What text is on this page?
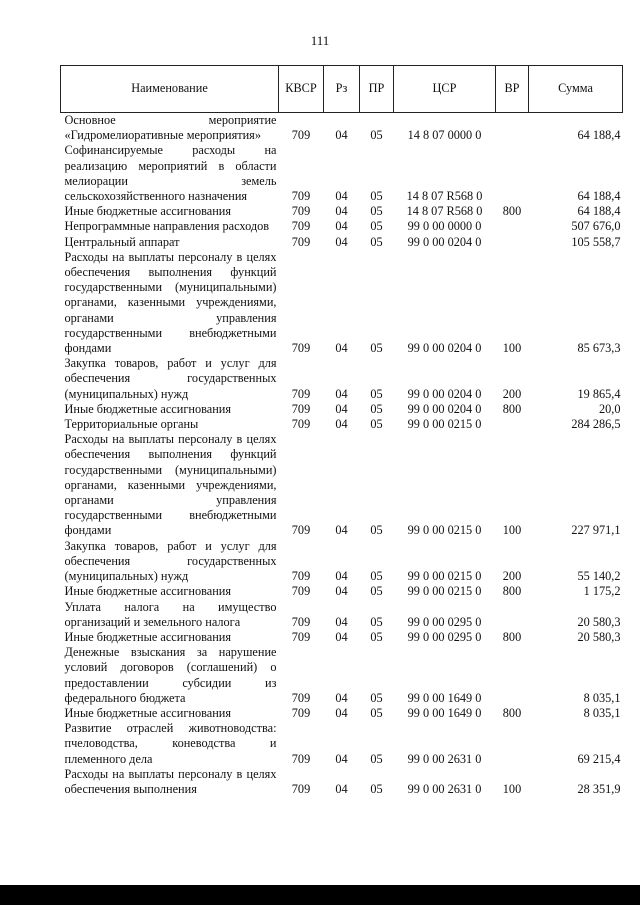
111
Наименование	КВСР	Рз	ПР	ЦСР	ВР	Сумма
Основное мероприятие «Гидромелиоративные мероприятия»	709	04	05	14 8 07 0000 0		64 188,4
Софинансируемые расходы на реализацию мероприятий в области мелиорации земель сельскохозяйственного назначения	709	04	05	14 8 07 R568 0		64 188,4
Иные бюджетные ассигнования	709	04	05	14 8 07 R568 0	800	64 188,4
Непрограммные направления расходов	709	04	05	99 0 00 0000 0		507 676,0
Центральный аппарат	709	04	05	99 0 00 0204 0		105 558,7
Расходы на выплаты персоналу в целях обеспечения выполнения функций государственными (муниципальными) органами, казенными учреждениями, органами управления государственными внебюджетными фондами	709	04	05	99 0 00 0204 0	100	85 673,3
Закупка товаров, работ и услуг для обеспечения государственных (муниципальных) нужд	709	04	05	99 0 00 0204 0	200	19 865,4
Иные бюджетные ассигнования	709	04	05	99 0 00 0204 0	800	20,0
Территориальные органы	709	04	05	99 0 00 0215 0		284 286,5
Расходы на выплаты персоналу в целях обеспечения выполнения функций государственными (муниципальными) органами, казенными учреждениями, органами управления государственными внебюджетными фондами	709	04	05	99 0 00 0215 0	100	227 971,1
Закупка товаров, работ и услуг для обеспечения государственных (муниципальных) нужд	709	04	05	99 0 00 0215 0	200	55 140,2
Иные бюджетные ассигнования	709	04	05	99 0 00 0215 0	800	1 175,2
Уплата налога на имущество организаций и земельного налога	709	04	05	99 0 00 0295 0		20 580,3
Иные бюджетные ассигнования	709	04	05	99 0 00 0295 0	800	20 580,3
Денежные взыскания за нарушение условий договоров (соглашений) о предоставлении субсидии из федерального бюджета	709	04	05	99 0 00 1649 0		8 035,1
Иные бюджетные ассигнования	709	04	05	99 0 00 1649 0	800	8 035,1
Развитие отраслей животноводства: пчеловодства, коневодства и племенного дела	709	04	05	99 0 00 2631 0		69 215,4
Расходы на выплаты персоналу в целях обеспечения выполнения	709	04	05	99 0 00 2631 0	100	28 351,9
